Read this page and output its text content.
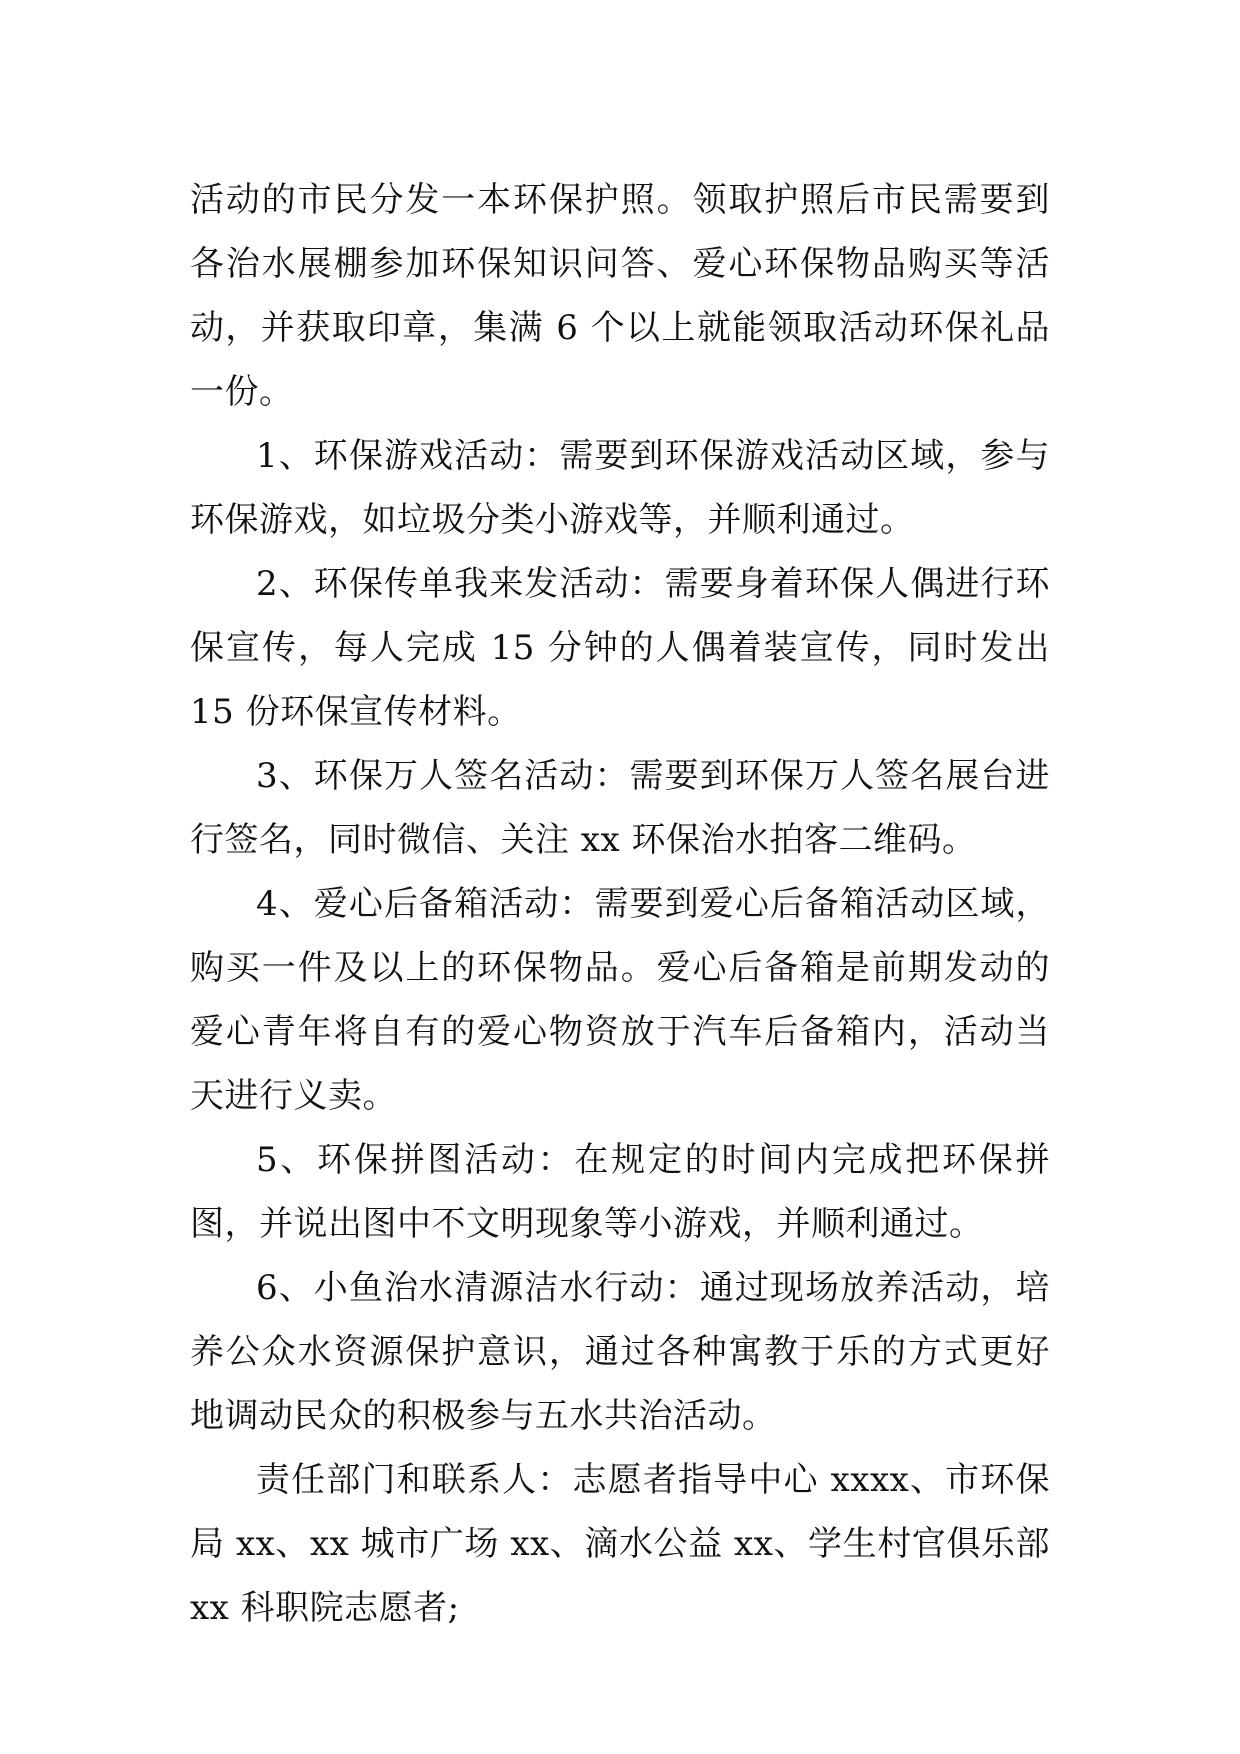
活动的市民分发一本环保护照。领取护照后市民需要到各治水展棚参加环保知识问答、爱心环保物品购买等活动，并获取印章，集满 6 个以上就能领取活动环保礼品一份。

1、环保游戏活动：需要到环保游戏活动区域，参与环保游戏，如垃圾分类小游戏等，并顺利通过。

2、环保传单我来发活动：需要身着环保人偶进行环保宣传，每人完成 15 分钟的人偶着装宣传，同时发出 15 份环保宣传材料。

3、环保万人签名活动：需要到环保万人签名展台进行签名，同时微信、关注 xx 环保治水拍客二维码。

4、爱心后备箱活动：需要到爱心后备箱活动区域，购买一件及以上的环保物品。爱心后备箱是前期发动的爱心青年将自有的爱心物资放于汽车后备箱内，活动当天进行义卖。

5、环保拼图活动：在规定的时间内完成把环保拼图，并说出图中不文明现象等小游戏，并顺利通过。

6、小鱼治水清源洁水行动：通过现场放养活动，培养公众水资源保护意识，通过各种寓教于乐的方式更好地调动民众的积极参与五水共治活动。

责任部门和联系人：志愿者指导中心 xxxx、市环保局 xx、xx 城市广场 xx、滴水公益 xx、学生村官俱乐部 xx 科职院志愿者;
